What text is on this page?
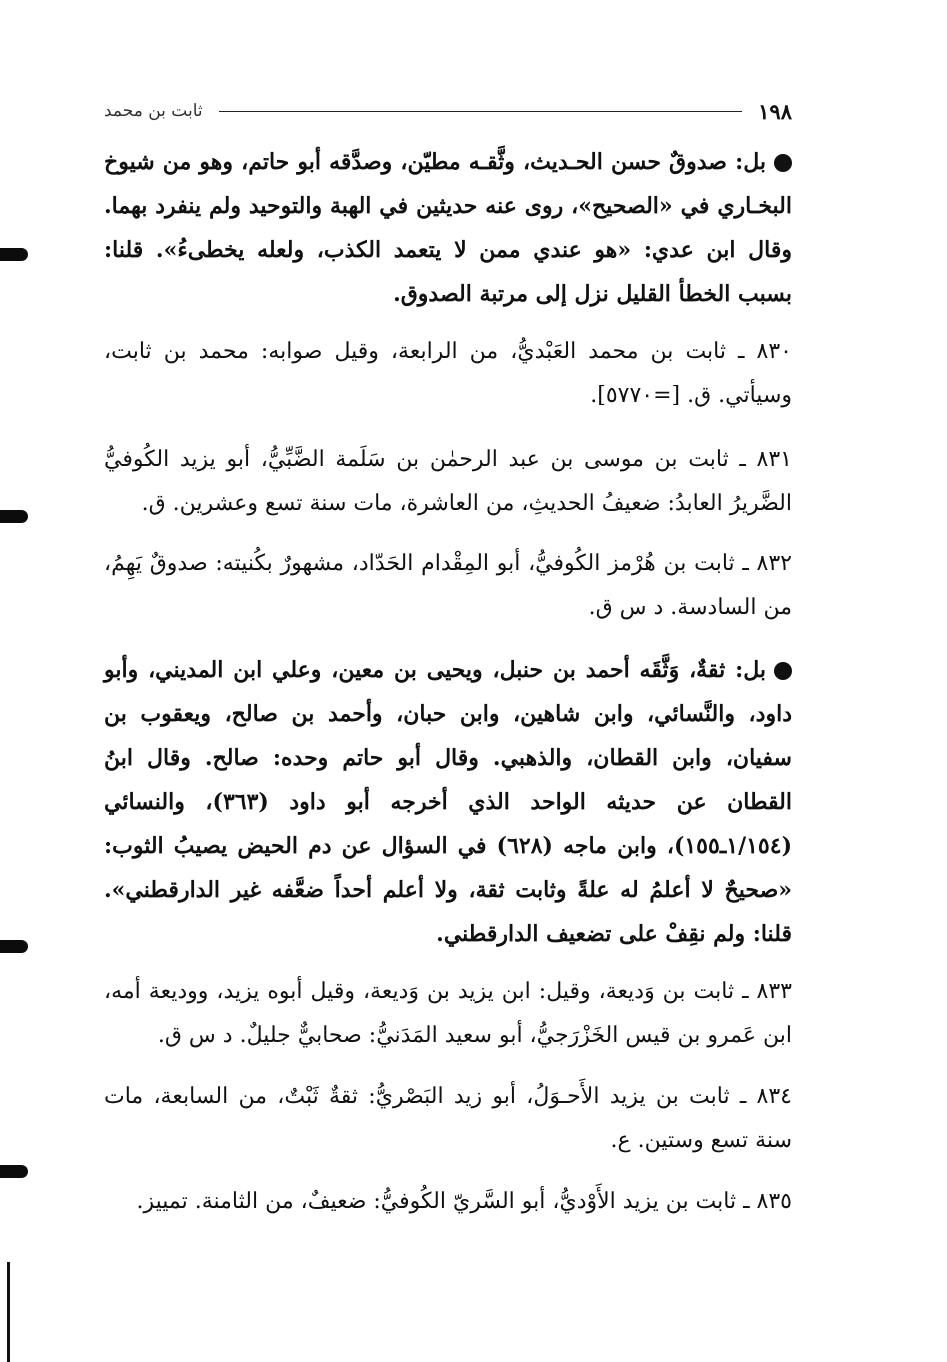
١٩٨
ثابت بن محمد

بل: صدوقٌ حسن الحـديث، وثَّقـه مطيّن، وصدَّقه أبو حاتم، وهو من شيوخ البخـاري في «الصحيح»، روى عنه حديثين في الهبة والتوحيد ولم ينفرد بهما. وقال ابن عدي: «هو عندي ممن لا يتعمد الكذب، ولعله يخطىءُ». قلنا: بسبب الخطأ القليل نزل إلى مرتبة الصدوق.

٨٣٠ ـ ثابت بن محمد العَبْديُّ، من الرابعة، وقيل صوابه: محمد بن ثابت، وسيأتي. ق. [=٥٧٧٠].

٨٣١ ـ ثابت بن موسى بن عبد الرحمٰن بن سَلَمة الضَّبِّيُّ، أبو يزيد الكُوفيُّ الضَّريرُ العابدُ: ضعيفُ الحديثِ، من العاشرة، مات سنة تسع وعشرين. ق.

٨٣٢ ـ ثابت بن هُرْمز الكُوفيُّ، أبو المِقْدام الحَدّاد، مشهورٌ بكُنيته: صدوقٌ يَهِمُ، من السادسة. د س ق.

بل: ثقةٌ، وَثَّقَه أحمد بن حنبل، ويحيى بن معين، وعلي ابن المديني، وأبو داود، والنَّسائي، وابن شاهين، وابن حبان، وأحمد بن صالح، ويعقوب بن سفيان، وابن القطان، والذهبي. وقال أبو حاتم وحده: صالح. وقال ابنُ القطان عن حديثه الواحد الذي أخرجه أبو داود (٣٦٣)، والنسائي (١/١٥٤ـ١٥٥)، وابن ماجه (٦٢٨) في السؤال عن دم الحيض يصيبُ الثوب: «صحيحٌ لا أعلمُ له علةً وثابت ثقة، ولا أعلم أحداً ضعَّفه غير الدارقطني». قلنا: ولم نقِفْ على تضعيف الدارقطني.

٨٣٣ ـ ثابت بن وَديعة، وقيل: ابن يزيد بن وَديعة، وقيل أبوه يزيد، ووديعة أمه، ابن عَمرو بن قيس الخَزْرَجيُّ، أبو سعيد المَدَنيُّ: صحابيٌّ جليلٌ. د س ق.

٨٣٤ ـ ثابت بن يزيد الأَحـوَلُ، أبو زيد البَصْريُّ: ثقةٌ ثَبْتٌ، من السابعة، مات سنة تسع وستين. ع.

٨٣٥ ـ ثابت بن يزيد الأَوْديُّ، أبو السَّريّ الكُوفيُّ: ضعيفٌ، من الثامنة. تمييز.
